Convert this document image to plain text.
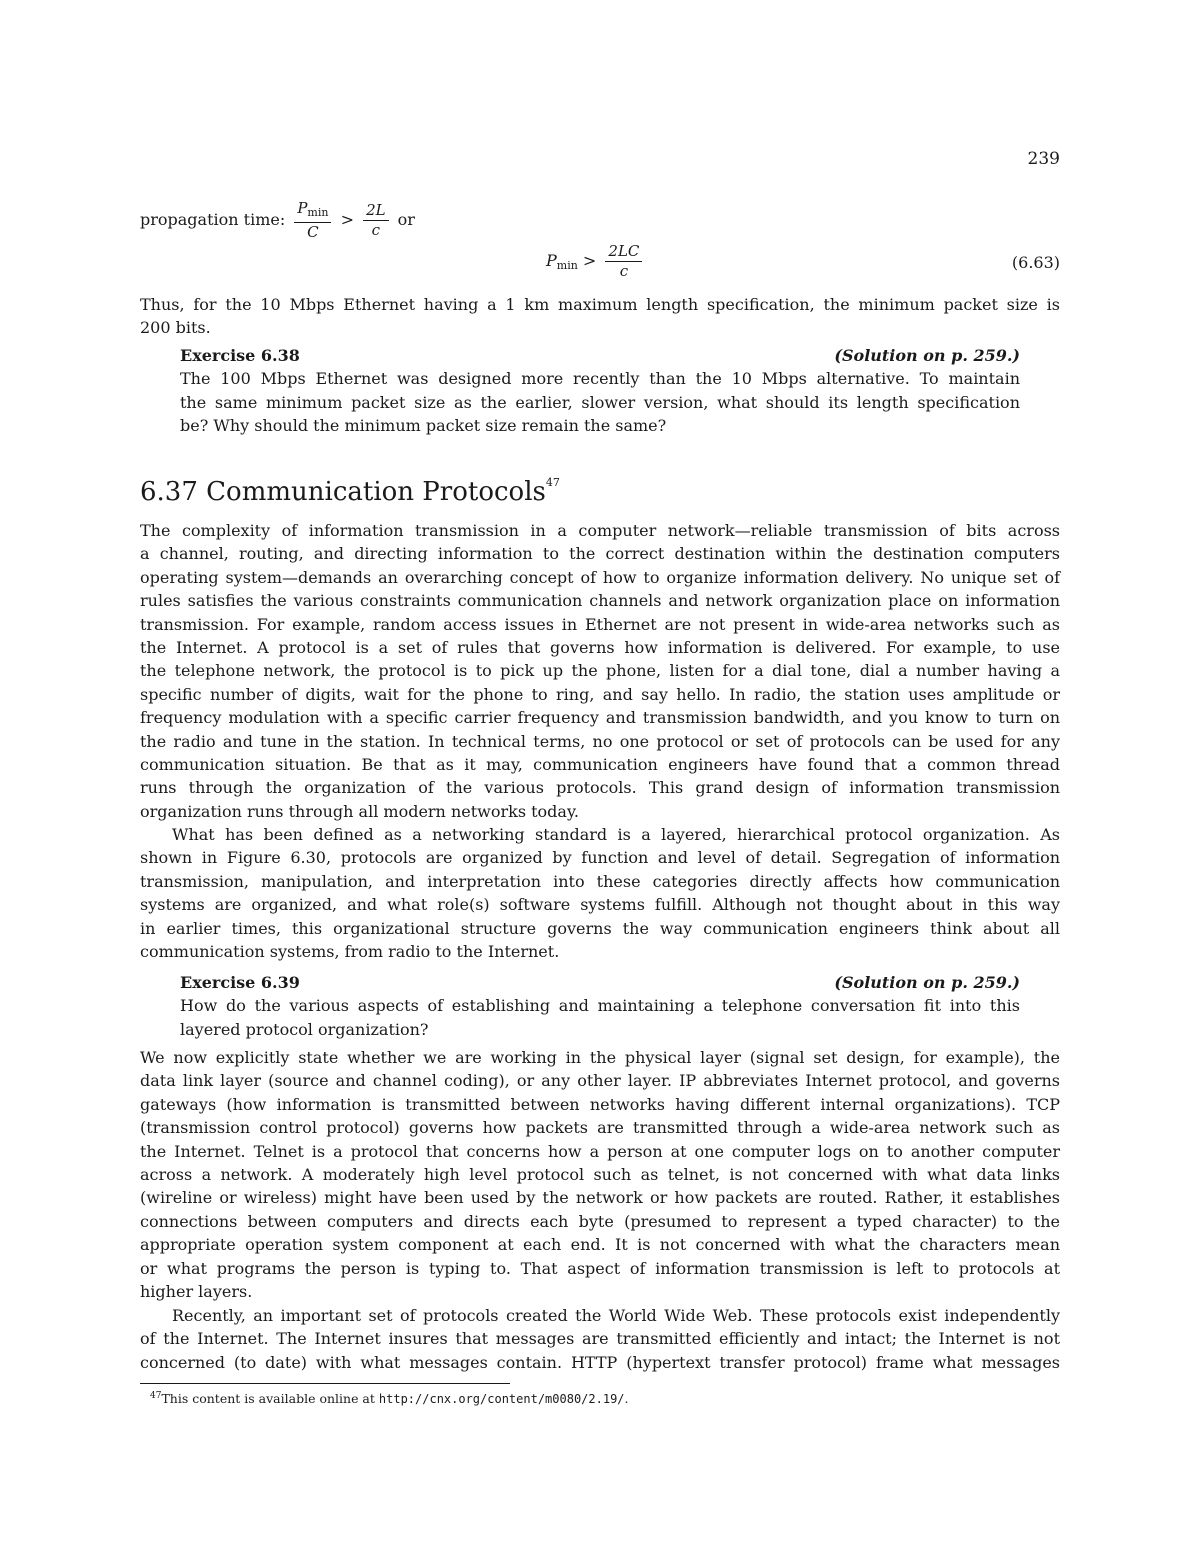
239
propagation time: $\frac{P_{min}}{C} > \frac{2L}{c}$ or
$P_{min} > \frac{2LC}{c}$	(6.63)
Thus, for the 10 Mbps Ethernet having a 1 km maximum length specification, the minimum packet size is
200 bits.
Exercise 6.38	(Solution on p. 259.)
The 100 Mbps Ethernet was designed more recently than the 10 Mbps alternative. To maintain
the same minimum packet size as the earlier, slower version, what should its length specification
be? Why should the minimum packet size remain the same?
6.37 Communication Protocols$^{47}$
The complexity of information transmission in a computer network—reliable transmission of bits across
a channel, routing, and directing information to the correct destination within the destination computers
operating system—demands an overarching concept of how to organize information delivery. No unique set of
rules satisfies the various constraints communication channels and network organization place on information
transmission. For example, random access issues in Ethernet are not present in wide-area networks such as
the Internet. A protocol is a set of rules that governs how information is delivered. For example, to use
the telephone network, the protocol is to pick up the phone, listen for a dial tone, dial a number having a
specific number of digits, wait for the phone to ring, and say hello. In radio, the station uses amplitude or
frequency modulation with a specific carrier frequency and transmission bandwidth, and you know to turn on
the radio and tune in the station. In technical terms, no one protocol or set of protocols can be used for any
communication situation. Be that as it may, communication engineers have found that a common thread
runs through the organization of the various protocols. This grand design of information transmission
organization runs through all modern networks today.
What has been defined as a networking standard is a layered, hierarchical protocol organization. As
shown in Figure 6.30, protocols are organized by function and level of detail. Segregation of information
transmission, manipulation, and interpretation into these categories directly affects how communication
systems are organized, and what role(s) software systems fulfill. Although not thought about in this way
in earlier times, this organizational structure governs the way communication engineers think about all
communication systems, from radio to the Internet.
Exercise 6.39	(Solution on p. 259.)
How do the various aspects of establishing and maintaining a telephone conversation fit into this
layered protocol organization?
We now explicitly state whether we are working in the physical layer (signal set design, for example), the
data link layer (source and channel coding), or any other layer. IP abbreviates Internet protocol, and governs
gateways (how information is transmitted between networks having different internal organizations). TCP
(transmission control protocol) governs how packets are transmitted through a wide-area network such as
the Internet. Telnet is a protocol that concerns how a person at one computer logs on to another computer
across a network. A moderately high level protocol such as telnet, is not concerned with what data links
(wireline or wireless) might have been used by the network or how packets are routed. Rather, it establishes
connections between computers and directs each byte (presumed to represent a typed character) to the
appropriate operation system component at each end. It is not concerned with what the characters mean
or what programs the person is typing to. That aspect of information transmission is left to protocols at
higher layers.
Recently, an important set of protocols created the World Wide Web. These protocols exist independently
of the Internet. The Internet insures that messages are transmitted efficiently and intact; the Internet is not
concerned (to date) with what messages contain. HTTP (hypertext transfer protocol) frame what messages
$^{47}$This content is available online at http://cnx.org/content/m0080/2.19/.
